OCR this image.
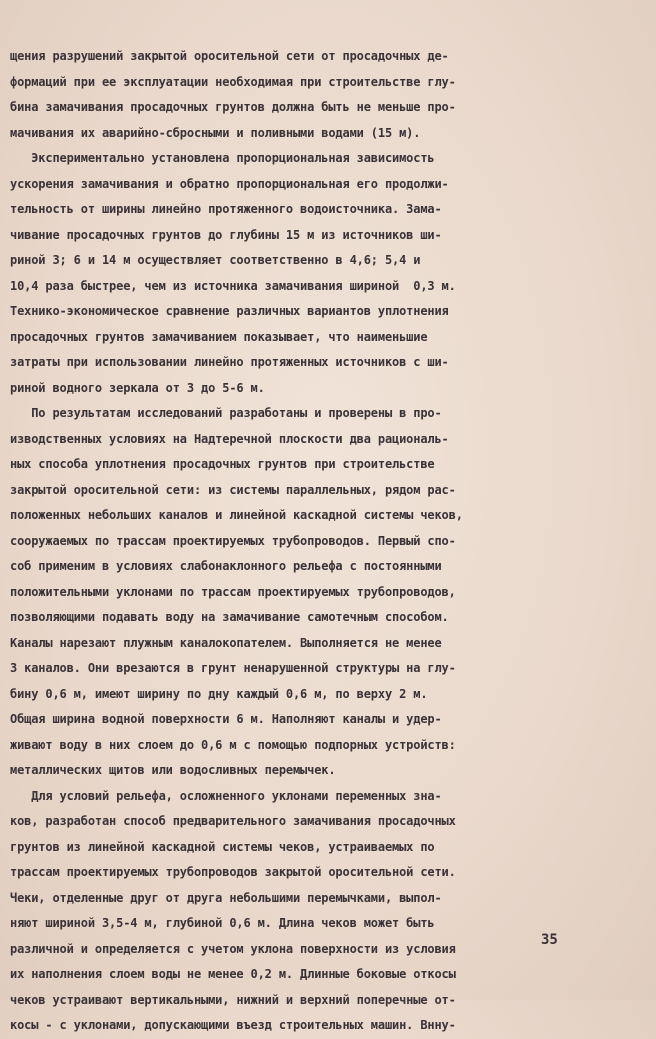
щения разрушений закрытой оросительной сети от просадочных де-
формаций при ее эксплуатации необходимая при строительстве глу-
бина замачивания просадочных грунтов должна быть не меньше про-
мачивания их аварийно-сбросными и поливными водами (15 м).
Экспериментально установлена пропорциональная зависимость
ускорения замачивания и обратно пропорциональная его продолжи-
тельность от ширины линейно протяженного водоисточника. Зама-
чивание просадочных грунтов до глубины 15 м из источников ши-
риной 3; 6 и 14 м осуществляет соответственно в 4,6; 5,4 и
10,4 раза быстрее, чем из источника замачивания шириной  0,3 м.
Технико-экономическое сравнение различных вариантов уплотнения
просадочных грунтов замачиванием показывает, что наименьшие
затраты при использовании линейно протяженных источников с ши-
риной водного зеркала от 3 до 5-6 м.
По результатам исследований разработаны и проверены в про-
изводственных условиях на Надтеречной плоскости два рациональ-
ных способа уплотнения просадочных грунтов при строительстве
закрытой оросительной сети: из системы параллельных, рядом рас-
положенных небольших каналов и линейной каскадной системы чеков,
сооружаемых по трассам проектируемых трубопроводов. Первый спо-
соб применим в условиях слабонаклонного рельефа с постоянными
положительными уклонами по трассам проектируемых трубопроводов,
позволяющими подавать воду на замачивание самотечным способом.
Каналы нарезают плужным каналокопателем. Выполняется не менее
3 каналов. Они врезаются в грунт ненарушенной структуры на глу-
бину 0,6 м, имеют ширину по дну каждый 0,6 м, по верху 2 м.
Общая ширина водной поверхности 6 м. Наполняют каналы и удер-
живают воду в них слоем до 0,6 м с помощью подпорных устройств:
металлических щитов или водосливных перемычек.
Для условий рельефа, осложненного уклонами переменных зна-
ков, разработан способ предварительного замачивания просадочных
грунтов из линейной каскадной системы чеков, устраиваемых по
трассам проектируемых трубопроводов закрытой оросительной сети.
Чеки, отделенные друг от друга небольшими перемычками, выпол-
няют шириной 3,5-4 м, глубиной 0,6 м. Длина чеков может быть
различной и определяется с учетом уклона поверхности из условия
их наполнения слоем воды не менее 0,2 м. Длинные боковые откосы
чеков устраивают вертикальными, нижний и верхний поперечные от-
косы - с уклонами, допускающими въезд строительных машин. Внну-
35
